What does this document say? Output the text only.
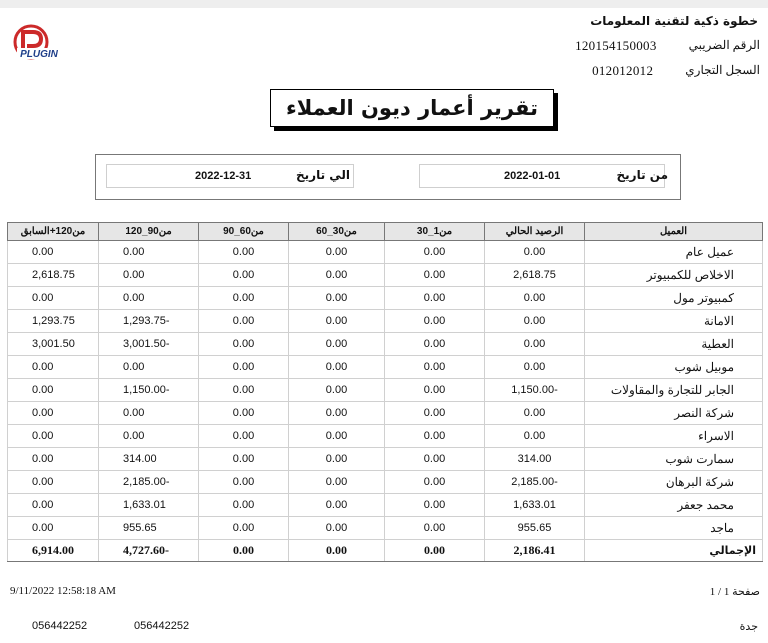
PLUGIN
خطوة ذكية لتقنية المعلومات
الرقم الضريبي
120154150003
السجل التجاري
012012012
تقرير أعمار ديون العملاء
2022-01-01	من تاريخ
2022-12-31	الي تاريخ
العميل	الرصيد الحالي	من1_30	من30_60	من60_90	من90_120	من120+السابق
عميل عام	0.00	0.00	0.00	0.00	0.00	0.00
الاخلاص للكمبيوتر	2,618.75	0.00	0.00	0.00	0.00	2,618.75
كمبيوتر مول	0.00	0.00	0.00	0.00	0.00	0.00
الامانة	0.00	0.00	0.00	0.00	-1,293.75	1,293.75
العطية	0.00	0.00	0.00	0.00	-3,001.50	3,001.50
موبيل شوب	0.00	0.00	0.00	0.00	0.00	0.00
الجابر للتجارة والمقاولات	-1,150.00	0.00	0.00	0.00	-1,150.00	0.00
شركة النصر	0.00	0.00	0.00	0.00	0.00	0.00
الاسراء	0.00	0.00	0.00	0.00	0.00	0.00
سمارت شوب	314.00	0.00	0.00	0.00	314.00	0.00
شركة البرهان	-2,185.00	0.00	0.00	0.00	-2,185.00	0.00
محمد جعفر	1,633.01	0.00	0.00	0.00	1,633.01	0.00
ماجد	955.65	0.00	0.00	0.00	955.65	0.00
الإجمالي	2,186.41	0.00	0.00	0.00	-4,727.60	6,914.00
9/11/2022 12:58:18 AM	صفحة 1 / 1
056442252	056442252	جدة
